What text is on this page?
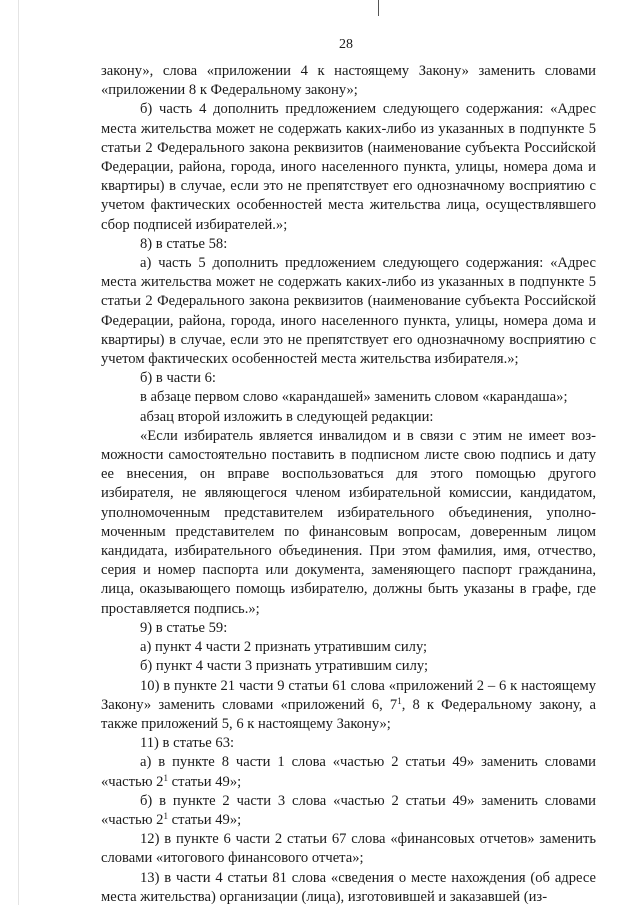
28

закону», слова «приложении 4 к настоящему Закону» заменить словами «приложении 8 к Федеральному закону»;

б) часть 4 дополнить предложением следующего содержания: «Адрес места жительства может не содержать каких-либо из указанных в подпункте 5 статьи 2 Федерального закона реквизитов (наименование субъекта Российской Федерации, района, города, иного населенного пункта, улицы, номера дома и квартиры) в случае, если это не препятствует его однозначному восприятию с учетом фактических особенностей места жительства лица, осуществлявшего сбор подписей избирателей.»;

8) в статье 58:

а) часть 5 дополнить предложением следующего содержания: «Адрес места жительства может не содержать каких-либо из указанных в подпункте 5 статьи 2 Федерального закона реквизитов (наименование субъекта Российской Федерации, района, города, иного населенного пункта, улицы, номера дома и квартиры) в случае, если это не препятствует его однозначному восприятию с учетом фактических особенностей места жительства избирателя.»;

б) в части 6:

в абзаце первом слово «карандашей» заменить словом «карандаша»;

абзац второй изложить в следующей редакции:

«Если избиратель является инвалидом и в связи с этим не имеет возможности самостоятельно поставить в подписном листе свою подпись и дату ее внесения, он вправе воспользоваться для этого помощью другого избирателя, не являющегося членом избирательной комиссии, кандидатом, уполномоченным представителем избирательного объединения, уполномоченным представителем по финансовым вопросам, доверенным лицом кандидата, избирательного объединения. При этом фамилия, имя, отчество, серия и номер паспорта или документа, заменяющего паспорт гражданина, лица, оказывающего помощь избирателю, должны быть указаны в графе, где проставляется подпись.»;

9) в статье 59:

а) пункт 4 части 2 признать утратившим силу;

б) пункт 4 части 3 признать утратившим силу;

10) в пункте 21 части 9 статьи 61 слова «приложений 2 – 6 к настоящему Закону» заменить словами «приложений 6, $7^1$, 8 к Федеральному закону, а также приложений 5, 6 к настоящему Закону»;

11) в статье 63:

а) в пункте 8 части 1 слова «частью 2 статьи 49» заменить словами «частью $2^1$ статьи 49»;

б) в пункте 2 части 3 слова «частью 2 статьи 49» заменить словами «частью $2^1$ статьи 49»;

12) в пункте 6 части 2 статьи 67 слова «финансовых отчетов» заменить словами «итогового финансового отчета»;

13) в части 4 статьи 81 слова «сведения о месте нахождения (об адресе места жительства) организации (лица), изготовившей и заказавшей (из-
